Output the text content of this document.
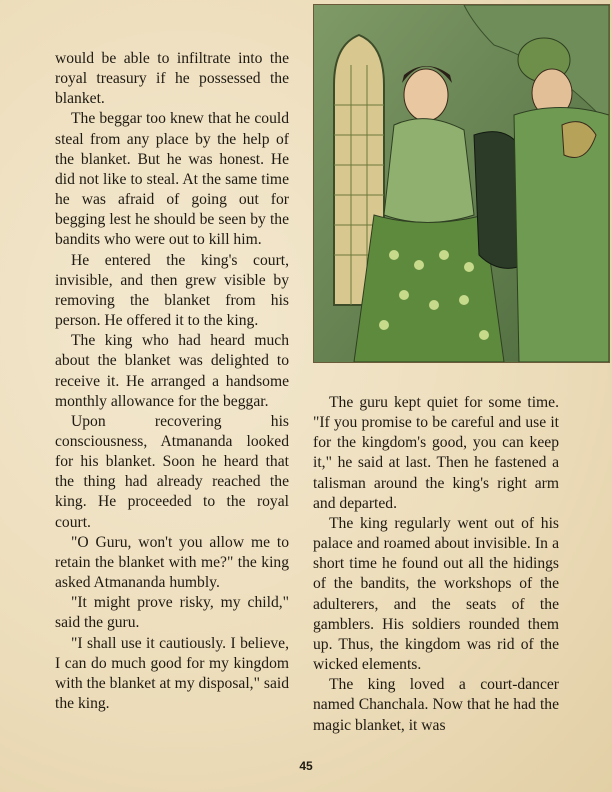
would be able to infiltrate into the royal treasury if he possessed the blanket.

The beggar too knew that he could steal from any place by the help of the blanket. But he was honest. He did not like to steal. At the same time he was afraid of going out for begging lest he should be seen by the bandits who were out to kill him.

He entered the king's court, invisible, and then grew visible by removing the blanket from his person. He offered it to the king.

The king who had heard much about the blanket was delighted to receive it. He arranged a handsome monthly allowance for the beggar.

Upon recovering his consciousness, Atmananda looked for his blanket. Soon he heard that the thing had already reached the king. He proceeded to the royal court.

"O Guru, won't you allow me to retain the blanket with me?" the king asked Atmananda humbly.

"It might prove risky, my child," said the guru.

"I shall use it cautiously. I believe, I can do much good for my kingdom with the blanket at my disposal," said the king.

The guru kept quiet for some time. "If you promise to be careful and use it for the kingdom's good, you can keep it," he said at last. Then he fastened a talisman around the king's right arm and departed.

The king regularly went out of his palace and roamed about invisible. In a short time he found out all the hidings of the bandits, the workshops of the adulterers, and the seats of the gamblers. His soldiers rounded them up. Thus, the kingdom was rid of the wicked elements.

The king loved a court-dancer named Chanchala. Now that he had the magic blanket, it was

45
